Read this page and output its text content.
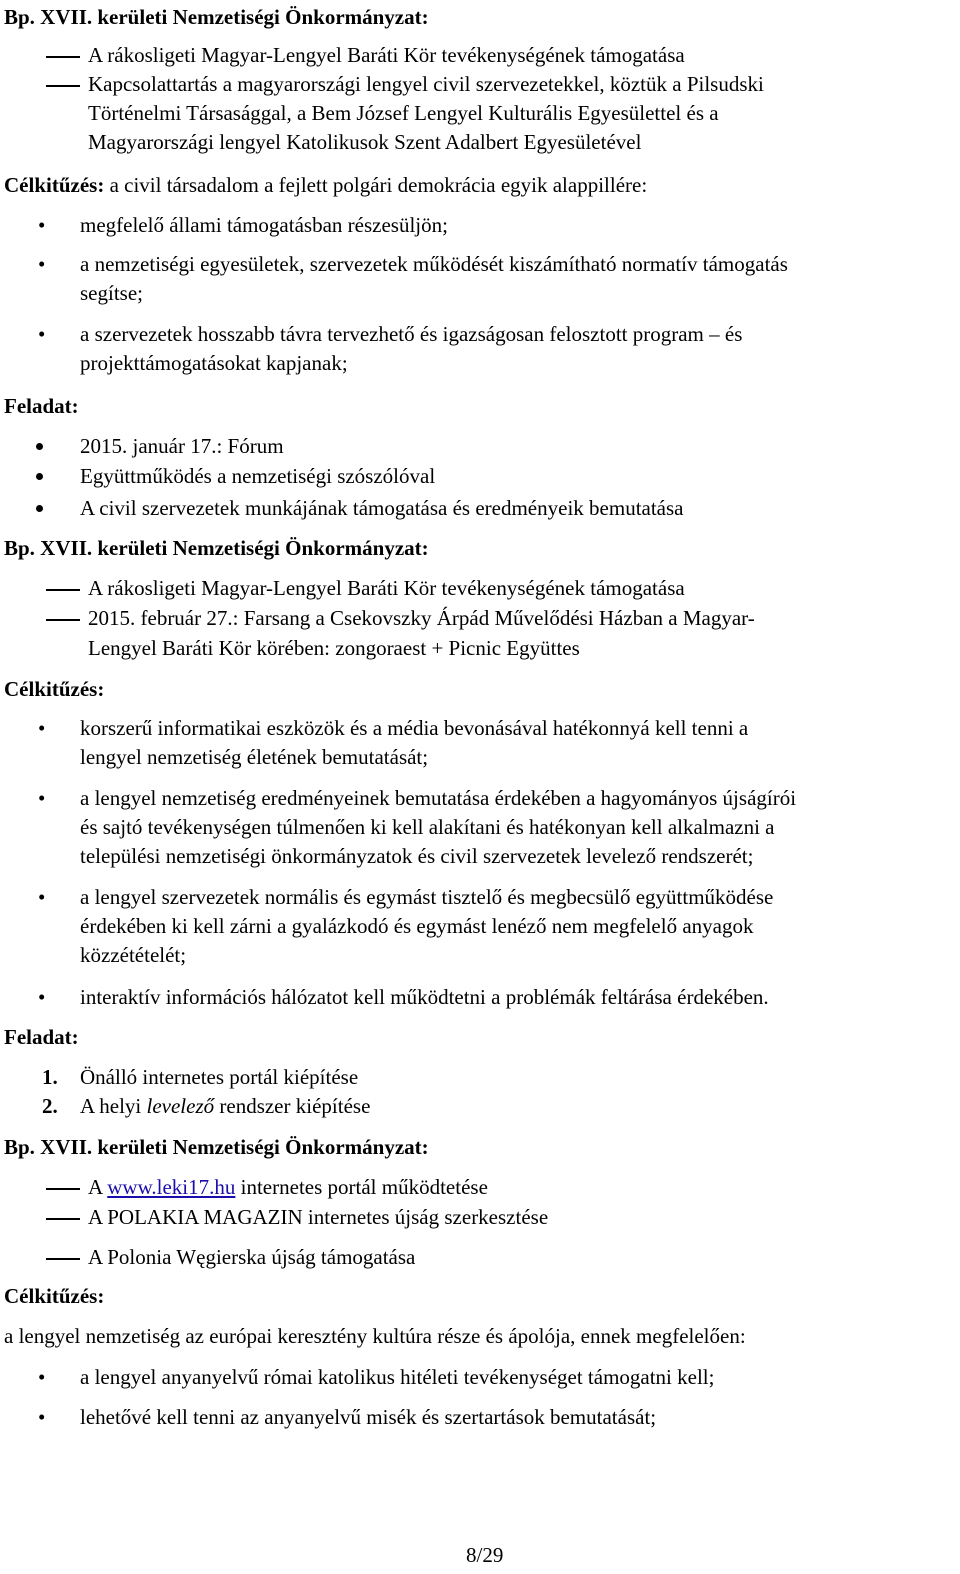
Bp. XVII. kerületi Nemzetiségi Önkormányzat:
A rákosligeti Magyar-Lengyel Baráti Kör tevékenységének támogatása
Kapcsolattartás a magyarországi lengyel civil szervezetekkel, köztük a Pilsudski
Történelmi Társasággal, a Bem József Lengyel Kulturális Egyesülettel és a
Magyarországi lengyel Katolikusok Szent Adalbert Egyesületével
Célkitűzés: a civil társadalom a fejlett polgári demokrácia egyik alappillére:
• megfelelő állami támogatásban részesüljön;
• a nemzetiségi egyesületek, szervezetek működését kiszámítható normatív támogatás
segítse;
• a szervezetek hosszabb távra tervezhető és igazságosan felosztott program – és
projekttámogatásokat kapjanak;
Feladat:
2015. január 17.: Fórum
Együttműködés a nemzetiségi szószólóval
A civil szervezetek munkájának támogatása és eredményeik bemutatása
Bp. XVII. kerületi Nemzetiségi Önkormányzat:
A rákosligeti Magyar-Lengyel Baráti Kör tevékenységének támogatása
2015. február 27.: Farsang a Csekovszky Árpád Művelődési Házban a Magyar-
Lengyel Baráti Kör körében: zongoraest + Picnic Együttes
Célkitűzés:
• korszerű informatikai eszközök és a média bevonásával hatékonnyá kell tenni a
lengyel nemzetiség életének bemutatását;
• a lengyel nemzetiség eredményeinek bemutatása érdekében a hagyományos újságírói
és sajtó tevékenységen túlmenően ki kell alakítani és hatékonyan kell alkalmazni a
települési nemzetiségi önkormányzatok és civil szervezetek levelező rendszerét;
• a lengyel szervezetek normális és egymást tisztelő és megbecsülő együttműködése
érdekében ki kell zárni a gyalázkodó és egymást lenéző nem megfelelő anyagok
közzétételét;
• interaktív információs hálózatot kell működtetni a problémák feltárása érdekében.
Feladat:
1. Önálló internetes portál kiépítése
2. A helyi levelező rendszer kiépítése
Bp. XVII. kerületi Nemzetiségi Önkormányzat:
A www.leki17.hu internetes portál működtetése
A POLAKIA MAGAZIN internetes újság szerkesztése
A Polonia Węgierska újság támogatása
Célkitűzés:
a lengyel nemzetiség az európai keresztény kultúra része és ápolója, ennek megfelelően:
• a lengyel anyanyelvű római katolikus hitéleti tevékenységet támogatni kell;
• lehetővé kell tenni az anyanyelvű misék és szertartások bemutatását;
8/29
